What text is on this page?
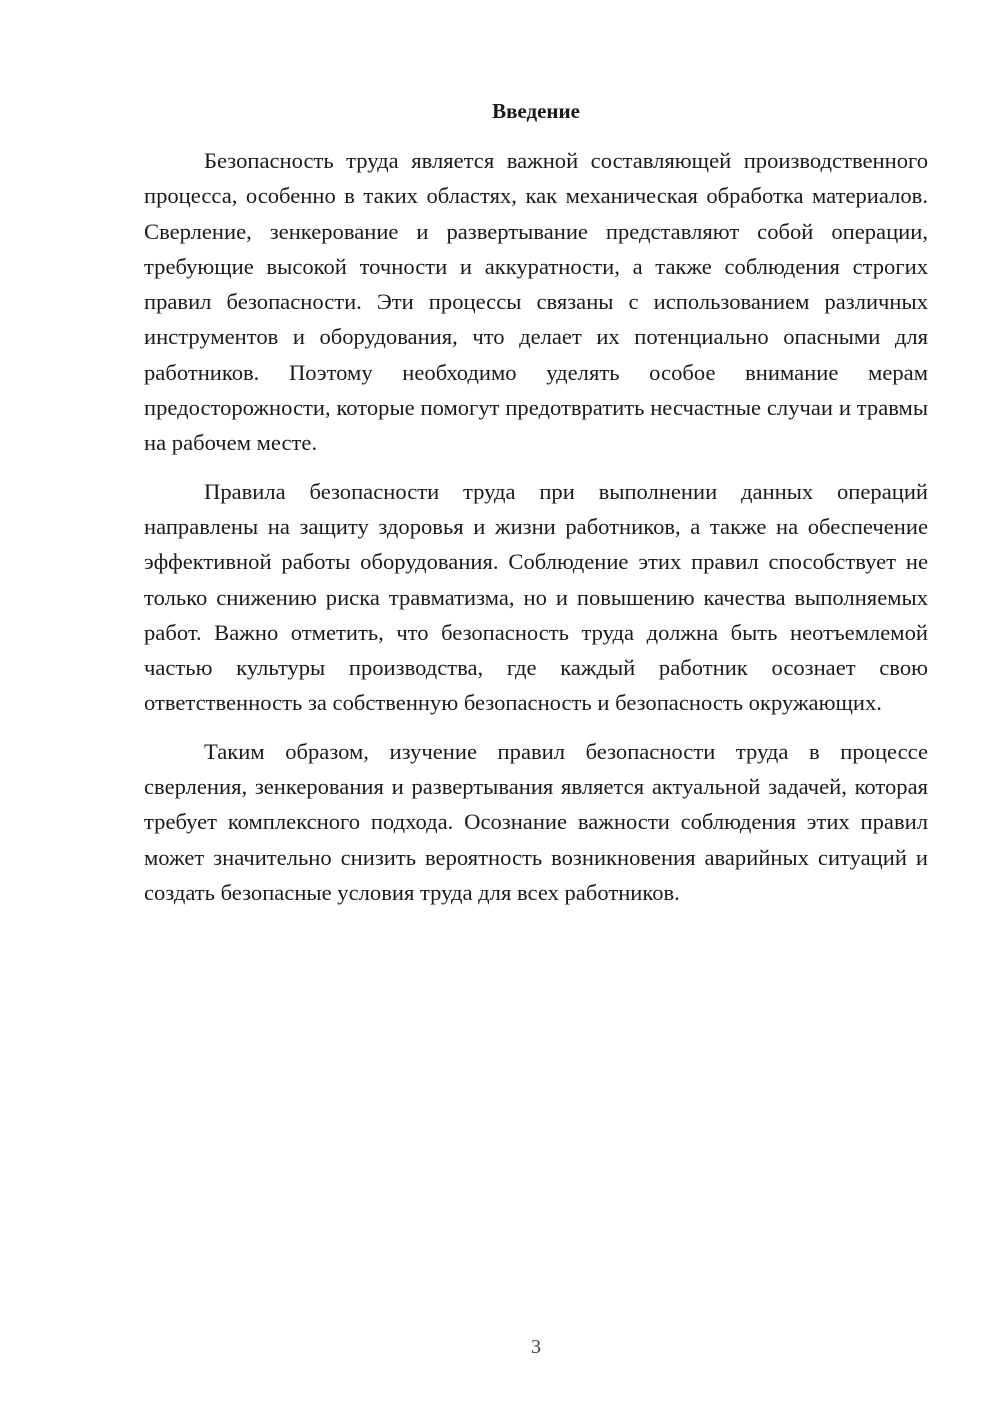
Введение

Безопасность труда является важной составляющей производственного процесса, особенно в таких областях, как механическая обработка материалов. Сверление, зенкерование и развертывание представляют собой операции, требующие высокой точности и аккуратности, а также соблюдения строгих правил безопасности. Эти процессы связаны с использованием различных инструментов и оборудования, что делает их потенциально опасными для работников. Поэтому необходимо уделять особое внимание мерам предосторожности, которые помогут предотвратить несчастные случаи и травмы на рабочем месте.

Правила безопасности труда при выполнении данных операций направлены на защиту здоровья и жизни работников, а также на обеспечение эффективной работы оборудования. Соблюдение этих правил способствует не только снижению риска травматизма, но и повышению качества выполняемых работ. Важно отметить, что безопасность труда должна быть неотъемлемой частью культуры производства, где каждый работник осознает свою ответственность за собственную безопасность и безопасность окружающих.

Таким образом, изучение правил безопасности труда в процессе сверления, зенкерования и развертывания является актуальной задачей, которая требует комплексного подхода. Осознание важности соблюдения этих правил может значительно снизить вероятность возникновения аварийных ситуаций и создать безопасные условия труда для всех работников.

3
